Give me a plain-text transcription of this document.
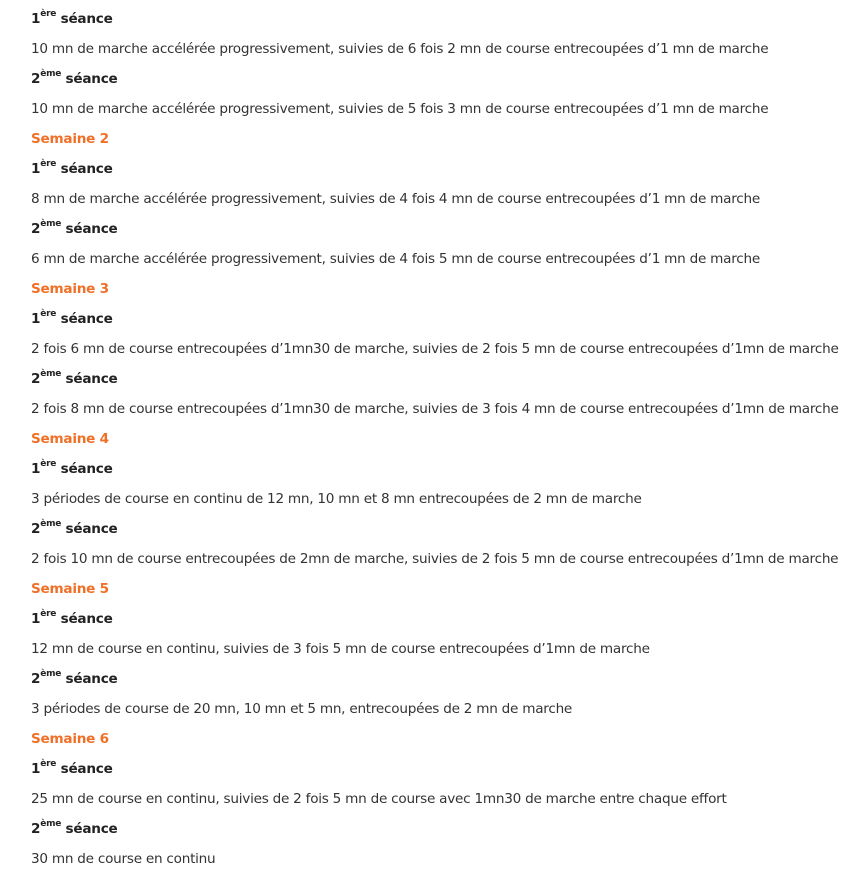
1ère séance
10 mn de marche accélérée progressivement, suivies de 6 fois 2 mn de course entrecoupées d’1 mn de marche
2ème séance
10 mn de marche accélérée progressivement, suivies de 5 fois 3 mn de course entrecoupées d’1 mn de marche
Semaine 2
1ère séance
8 mn de marche accélérée progressivement, suivies de 4 fois 4 mn de course entrecoupées d’1 mn de marche
2ème séance
6 mn de marche accélérée progressivement, suivies de 4 fois 5 mn de course entrecoupées d’1 mn de marche
Semaine 3
1ère séance
2 fois 6 mn de course entrecoupées d’1mn30 de marche, suivies de 2 fois 5 mn de course entrecoupées d’1mn de marche
2ème séance
2 fois 8 mn de course entrecoupées d’1mn30 de marche, suivies de 3 fois 4 mn de course entrecoupées d’1mn de marche
Semaine 4
1ère séance
3 périodes de course en continu de 12 mn, 10 mn et 8 mn entrecoupées de 2 mn de marche
2ème séance
2 fois 10 mn de course entrecoupées de 2mn de marche, suivies de 2 fois 5 mn de course entrecoupées d’1mn de marche
Semaine 5
1ère séance
12 mn de course en continu, suivies de 3 fois 5 mn de course entrecoupées d’1mn de marche
2ème séance
3 périodes de course de 20 mn, 10 mn et 5 mn, entrecoupées de 2 mn de marche
Semaine 6
1ère séance
25 mn de course en continu, suivies de 2 fois 5 mn de course avec 1mn30 de marche entre chaque effort
2ème séance
30 mn de course en continu
